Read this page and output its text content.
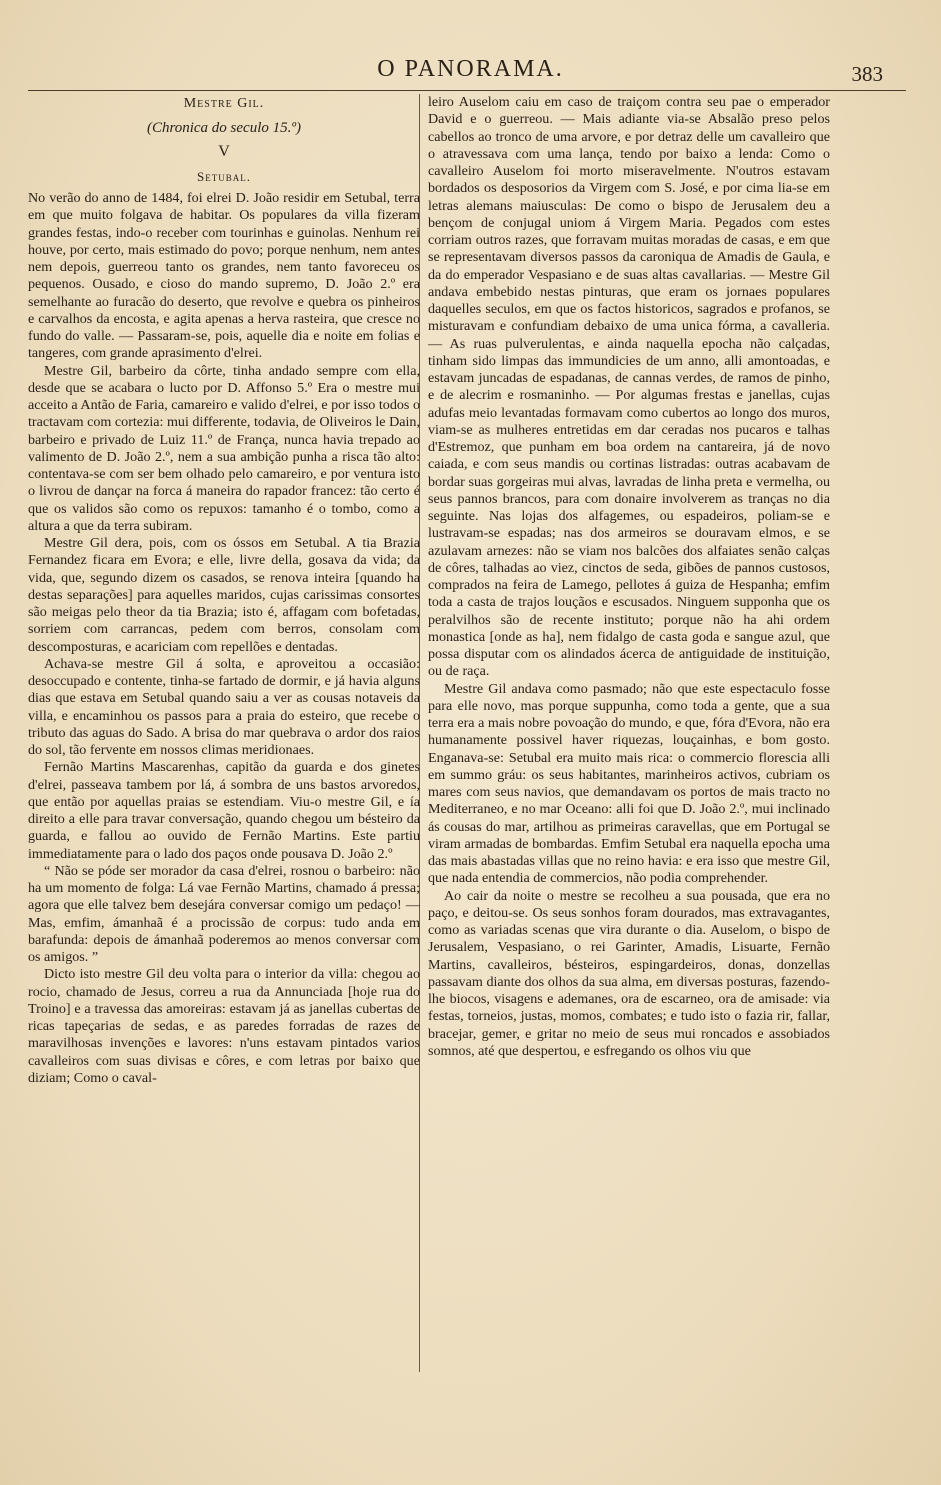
O PANORAMA.	383
Mestre Gil.
(Chronica do seculo 15.º)
V
Setubal.

No verão do anno de 1484, foi elrei D. João residir em Setubal, terra em que muito folgava de habitar. Os populares da villa fizeram grandes festas, indo-o receber com tourinhas e guinolas. Nenhum rei houve, por certo, mais estimado do povo; porque nenhum, nem antes nem depois, guerreou tanto os grandes, nem tanto favoreceu os pequenos. Ousado, e cioso do mando supremo, D. João 2.º era semelhante ao furacão do deserto, que revolve e quebra os pinheiros e carvalhos da encosta, e agita apenas a herva rasteira, que cresce no fundo do valle. — Passaram-se, pois, aquelle dia e noite em folias e tangeres, com grande aprasimento d'elrei.

Mestre Gil, barbeiro da côrte, tinha andado sempre com ella, desde que se acabara o lucto por D. Affonso 5.º Era o mestre mui acceito a Antão de Faria, camareiro e valido d'elrei, e por isso todos o tractavam com cortezia: mui differente, todavia, de Oliveiros le Dain, barbeiro e privado de Luiz 11.º de França, nunca havia trepado ao valimento de D. João 2.º, nem a sua ambição punha a risca tão alto: contentava-se com ser bem olhado pelo camareiro, e por ventura isto o livrou de dançar na forca á maneira do rapador francez: tão certo é que os validos são como os repuxos: tamanho é o tombo, como a altura a que da terra subiram.

Mestre Gil dera, pois, com os óssos em Setubal. A tia Brazia Fernandez ficara em Evora; e elle, livre della, gosava da vida; da vida, que, segundo dizem os casados, se renova inteira [quando ha destas separações] para aquelles maridos, cujas carissimas consortes são meigas pelo theor da tia Brazia; isto é, affagam com bofetadas, sorriem com carrancas, pedem com berros, consolam com descomposturas, e acariciam com repellões e dentadas.

Achava-se mestre Gil á solta, e aproveitou a occasião: desoccupado e contente, tinha-se fartado de dormir, e já havia alguns dias que estava em Setubal quando saiu a ver as cousas notaveis da villa, e encaminhou os passos para a praia do esteiro, que recebe o tributo das aguas do Sado. A brisa do mar quebrava o ardor dos raios do sol, tão fervente em nossos climas meridionaes.

Fernão Martins Mascarenhas, capitão da guarda e dos ginetes d'elrei, passeava tambem por lá, á sombra de uns bastos arvoredos, que então por aquellas praias se estendiam. Viu-o mestre Gil, e ía direito a elle para travar conversação, quando chegou um bésteiro da guarda, e fallou ao ouvido de Fernão Martins. Este partiu immediatamente para o lado dos paços onde pousava D. João 2.º

“ Não se póde ser morador da casa d'elrei, rosnou o barbeiro: não ha um momento de folga: Lá vae Fernão Martins, chamado á pressa; agora que elle talvez bem desejára conversar comigo um pedaço! — Mas, emfim, ámanhaã é a procissão de corpus: tudo anda em barafunda: depois de ámanhaã poderemos ao menos conversar com os amigos. ”

Dicto isto mestre Gil deu volta para o interior da villa: chegou ao rocio, chamado de Jesus, correu a rua da Annunciada [hoje rua do Troino] e a travessa das amoreiras: estavam já as janellas cubertas de ricas tapeçarias de sedas, e as paredes forradas de razes de maravilhosas invenções e lavores: n'uns estavam pintados varios cavalleiros com suas divisas e côres, e com letras por baixo que diziam; Como o caval-

leiro Auselom caiu em caso de traiçom contra seu pae o emperador David e o guerreou. — Mais adiante via-se Absalão preso pelos cabellos ao tronco de uma arvore, e por detraz delle um cavalleiro que o atravessava com uma lança, tendo por baixo a lenda: Como o cavalleiro Auselom foi morto miseravelmente. N'outros estavam bordados os desposorios da Virgem com S. José, e por cima lia-se em letras alemans maiusculas: De como o bispo de Jerusalem deu a bençom de conjugal uniom á Virgem Maria. Pegados com estes corriam outros razes, que forravam muitas moradas de casas, e em que se representavam diversos passos da caroniqua de Amadis de Gaula, e da do emperador Vespasiano e de suas altas cavallarias. — Mestre Gil andava embebido nestas pinturas, que eram os jornaes populares daquelles seculos, em que os factos historicos, sagrados e profanos, se misturavam e confundiam debaixo de uma unica fórma, a cavalleria. — As ruas pulverulentas, e ainda naquella epocha não calçadas, tinham sido limpas das immundicies de um anno, alli amontoadas, e estavam juncadas de espadanas, de cannas verdes, de ramos de pinho, e de alecrim e rosmaninho. — Por algumas frestas e janellas, cujas adufas meio levantadas formavam como cubertos ao longo dos muros, viam-se as mulheres entretidas em dar ceradas nos pucaros e talhas d'Estremoz, que punham em boa ordem na cantareira, já de novo caiada, e com seus mandis ou cortinas listradas: outras acabavam de bordar suas gorgeiras mui alvas, lavradas de linha preta e vermelha, ou seus pannos brancos, para com donaire involverem as tranças no dia seguinte. Nas lojas dos alfagemes, ou espadeiros, poliam-se e lustravam-se espadas; nas dos armeiros se douravam elmos, e se azulavam arnezes: não se viam nos balcões dos alfaiates senão calças de côres, talhadas ao viez, cinctos de seda, gibões de pannos custosos, comprados na feira de Lamego, pellotes á guiza de Hespanha; emfim toda a casta de trajos louçãos e escusados. Ninguem supponha que os peralvilhos são de recente instituto; porque não ha ahi ordem monastica [onde as ha], nem fidalgo de casta goda e sangue azul, que possa disputar com os alindados ácerca de antiguidade de instituição, ou de raça.

Mestre Gil andava como pasmado; não que este espectaculo fosse para elle novo, mas porque suppunha, como toda a gente, que a sua terra era a mais nobre povoação do mundo, e que, fóra d'Evora, não era humanamente possivel haver riquezas, louçainhas, e bom gosto. Enganava-se: Setubal era muito mais rica: o commercio florescia alli em summo gráu: os seus habitantes, marinheiros activos, cubriam os mares com seus navios, que demandavam os portos de mais tracto no Mediterraneo, e no mar Oceano: alli foi que D. João 2.º, mui inclinado ás cousas do mar, artilhou as primeiras caravellas, que em Portugal se viram armadas de bombardas. Emfim Setubal era naquella epocha uma das mais abastadas villas que no reino havia: e era isso que mestre Gil, que nada entendia de commercios, não podia comprehender.

Ao cair da noite o mestre se recolheu a sua pousada, que era no paço, e deitou-se. Os seus sonhos foram dourados, mas extravagantes, como as variadas scenas que vira durante o dia. Auselom, o bispo de Jerusalem, Vespasiano, o rei Garinter, Amadis, Lisuarte, Fernão Martins, cavalleiros, bésteiros, espingardeiros, donas, donzellas passavam diante dos olhos da sua alma, em diversas posturas, fazendo-lhe biocos, visagens e ademanes, ora de escarneo, ora de amisade: via festas, torneios, justas, momos, combates; e tudo isto o fazia rir, fallar, bracejar, gemer, e gritar no meio de seus mui roncados e assobiados somnos, até que despertou, e esfregando os olhos viu que
